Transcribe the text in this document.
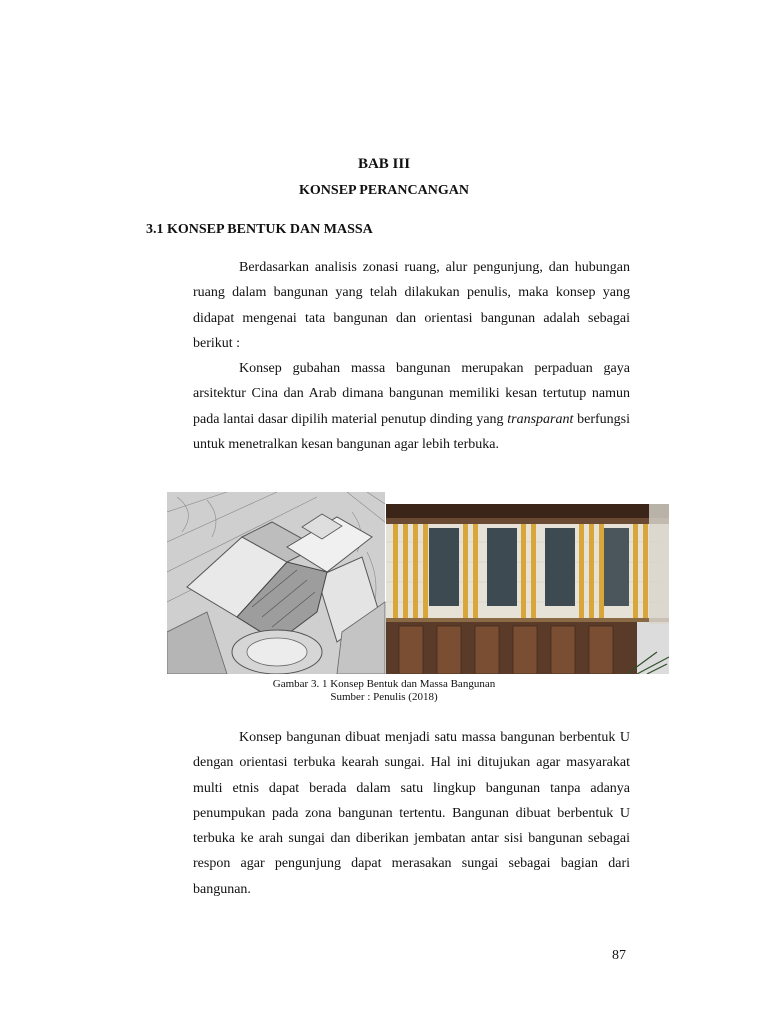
BAB III
KONSEP PERANCANGAN
3.1 KONSEP BENTUK DAN MASSA

Berdasarkan analisis zonasi ruang, alur pengunjung, dan hubungan ruang dalam bangunan yang telah dilakukan penulis, maka konsep yang didapat mengenai tata bangunan dan orientasi bangunan adalah sebagai berikut :

Konsep gubahan massa bangunan merupakan perpaduan gaya arsitektur Cina dan Arab dimana bangunan memiliki kesan tertutup namun pada lantai dasar dipilih material penutup dinding yang transparant berfungsi untuk menetralkan kesan bangunan agar lebih terbuka.

Gambar 3. 1 Konsep Bentuk dan Massa Bangunan
Sumber : Penulis (2018)

Konsep bangunan dibuat menjadi satu massa bangunan berbentuk U dengan orientasi terbuka kearah sungai. Hal ini ditujukan agar masyarakat multi etnis dapat berada dalam satu lingkup bangunan tanpa adanya penumpukan pada zona bangunan tertentu. Bangunan dibuat berbentuk U terbuka ke arah sungai dan diberikan jembatan antar sisi bangunan sebagai respon agar pengunjung dapat merasakan sungai sebagai bagian dari bangunan.

87
